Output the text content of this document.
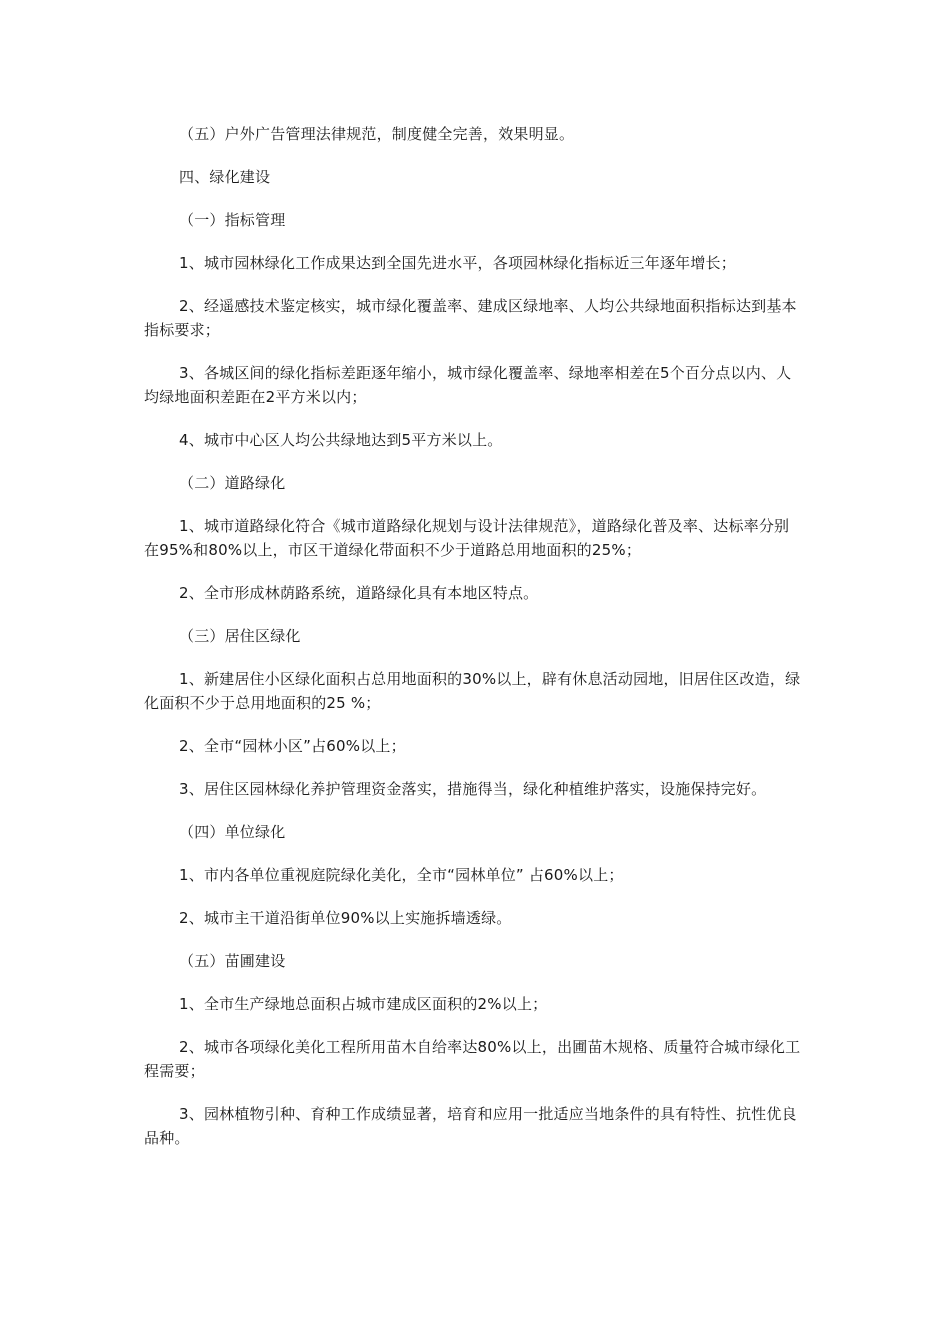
（五）户外广告管理法律规范，制度健全完善，效果明显。

四、绿化建设

（一）指标管理

1、城市园林绿化工作成果达到全国先进水平，各项园林绿化指标近三年逐年增长；

2、经遥感技术鉴定核实，城市绿化覆盖率、建成区绿地率、人均公共绿地面积指标达到基本指标要求；

3、各城区间的绿化指标差距逐年缩小，城市绿化覆盖率、绿地率相差在5个百分点以内、人均绿地面积差距在2平方米以内；

4、城市中心区人均公共绿地达到5平方米以上。

（二）道路绿化

1、城市道路绿化符合《城市道路绿化规划与设计法律规范》，道路绿化普及率、达标率分别在95%和80%以上，市区干道绿化带面积不少于道路总用地面积的25%；

2、全市形成林荫路系统，道路绿化具有本地区特点。

（三）居住区绿化

1、新建居住小区绿化面积占总用地面积的30%以上，辟有休息活动园地，旧居住区改造，绿化面积不少于总用地面积的25 %；

2、全市“园林小区”占60%以上；

3、居住区园林绿化养护管理资金落实，措施得当，绿化种植维护落实，设施保持完好。

（四）单位绿化

1、市内各单位重视庭院绿化美化，全市“园林单位” 占60%以上；

2、城市主干道沿街单位90%以上实施拆墙透绿。

（五）苗圃建设

1、全市生产绿地总面积占城市建成区面积的2%以上；

2、城市各项绿化美化工程所用苗木自给率达80%以上，出圃苗木规格、质量符合城市绿化工程需要；

3、园林植物引种、育种工作成绩显著，培育和应用一批适应当地条件的具有特性、抗性优良品种。
